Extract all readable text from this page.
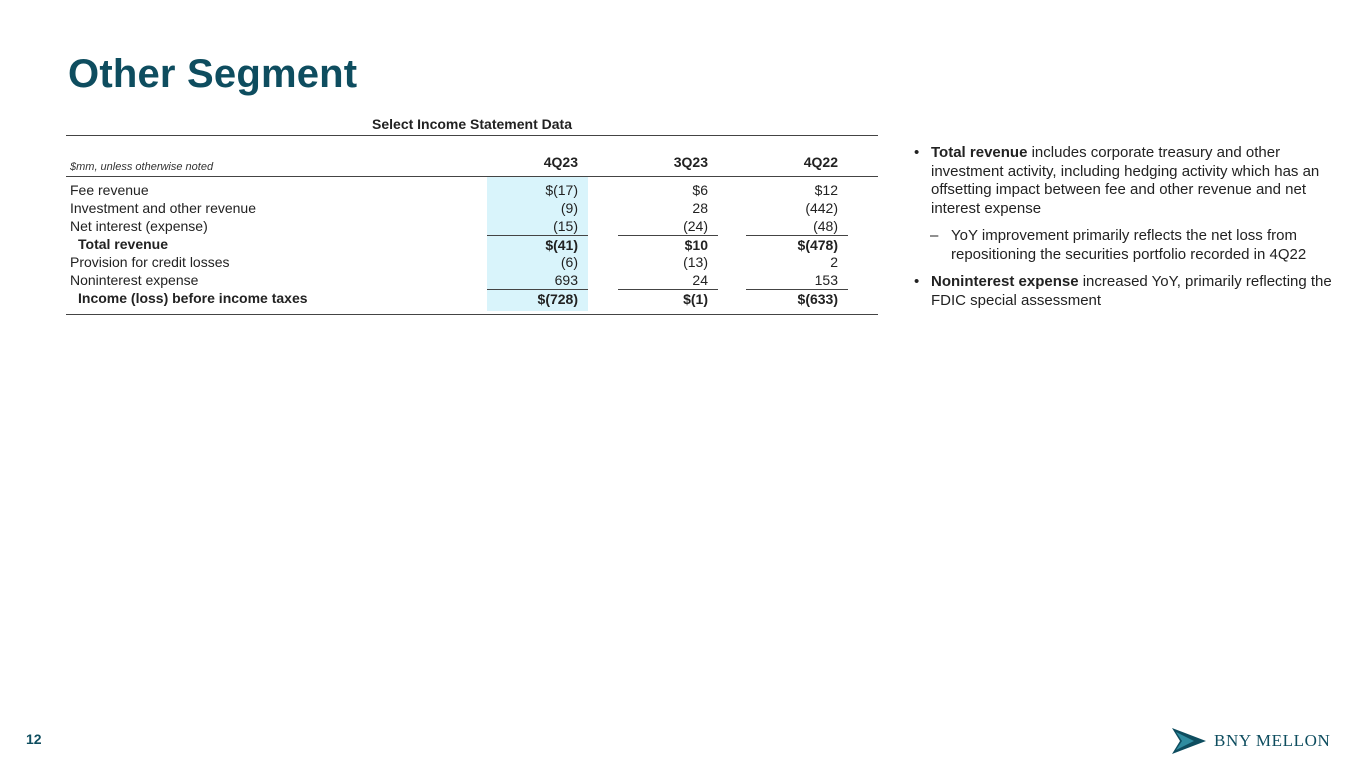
Other Segment
Select Income Statement Data
$mm, unless otherwise noted	4Q23	3Q23	4Q22
Fee revenue	$(17)	$6	$12
Investment and other revenue	(9)	28	(442)
Net interest (expense)	(15)	(24)	(48)
Total revenue	$(41)	$10	$(478)
Provision for credit losses	(6)	(13)	2
Noninterest expense	693	24	153
Income (loss) before income taxes	$(728)	$(1)	$(633)
• Total revenue includes corporate treasury and other investment activity, including hedging activity which has an offsetting impact between fee and other revenue and net interest expense
– YoY improvement primarily reflects the net loss from repositioning the securities portfolio recorded in 4Q22
• Noninterest expense increased YoY, primarily reflecting the FDIC special assessment
12	BNY MELLON
